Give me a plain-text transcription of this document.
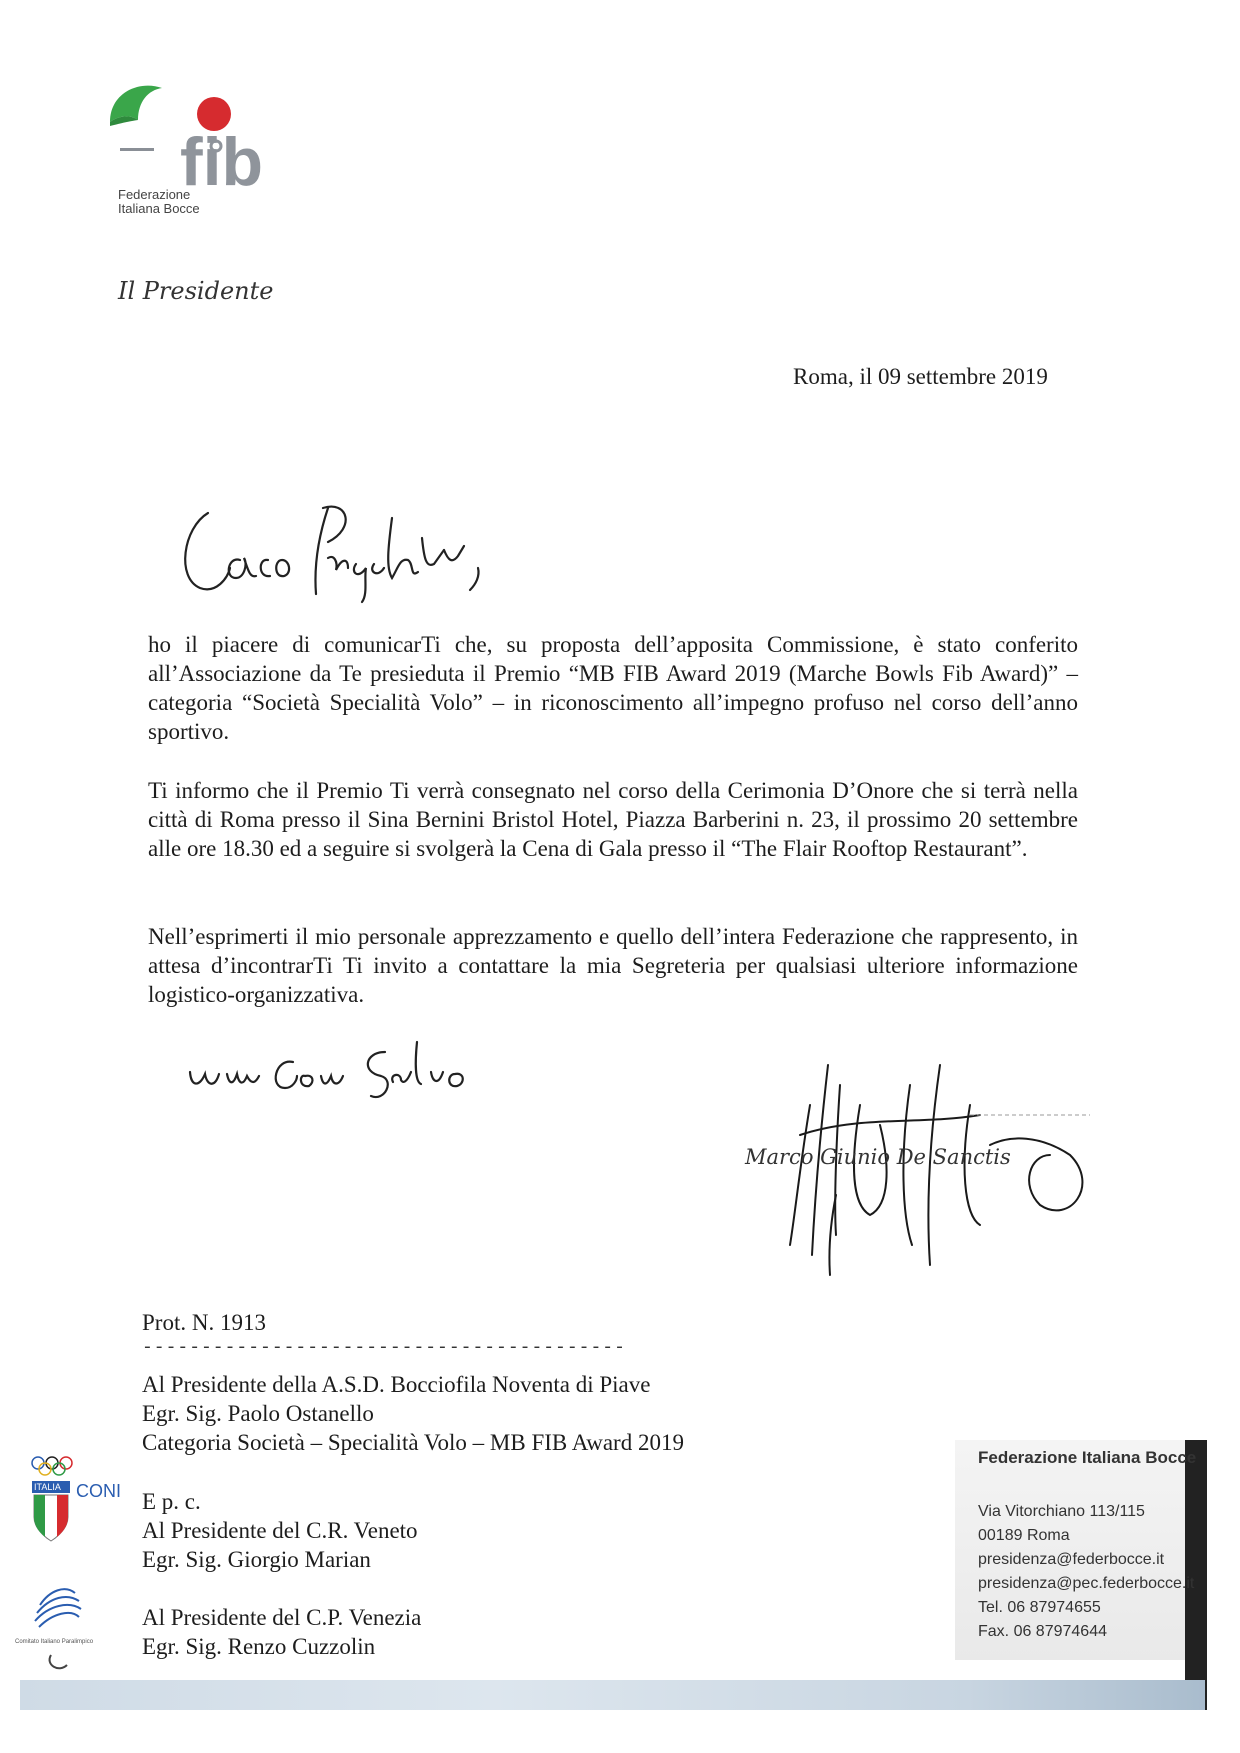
fib
Federazione
Italiana Bocce
Il Presidente
Roma, il 09 settembre 2019
ho il piacere di comunicarTi che, su proposta dell’apposita Commissione, è stato conferito all’Associazione da Te presieduta il Premio “MB FIB Award 2019 (Marche Bowls Fib Award)” – categoria “Società Specialità Volo” – in riconoscimento all’impegno profuso nel corso dell’anno sportivo.
Ti informo che il Premio Ti verrà consegnato nel corso della Cerimonia D’Onore che si terrà nella città di Roma presso il Sina Bernini Bristol Hotel, Piazza Barberini n. 23, il prossimo 20 settembre alle ore 18.30 ed a seguire si svolgerà la Cena di Gala presso il “The Flair Rooftop Restaurant”.
Nell’esprimerti il mio personale apprezzamento e quello dell’intera Federazione che rappresento, in attesa d’incontrarTi Ti invito a contattare la mia Segreteria per qualsiasi ulteriore informazione logistico-organizzativa.
Marco Giunio De Sanctis
Prot. N. 1913
-----------------------------------------
Al Presidente della A.S.D. Bocciofila Noventa di Piave
Egr. Sig. Paolo Ostanello
Categoria Società – Specialità Volo – MB FIB Award 2019
E p. c.
Al Presidente del C.R. Veneto
Egr. Sig. Giorgio Marian
Al Presidente del C.P. Venezia
Egr. Sig. Renzo Cuzzolin
ITALIA CONI
Comitato Italiano Paralimpico
Federazione Italiana Bocce
Via Vitorchiano 113/115
00189 Roma
presidenza@federbocce.it
presidenza@pec.federbocce.it
Tel. 06 87974655
Fax. 06 87974644
